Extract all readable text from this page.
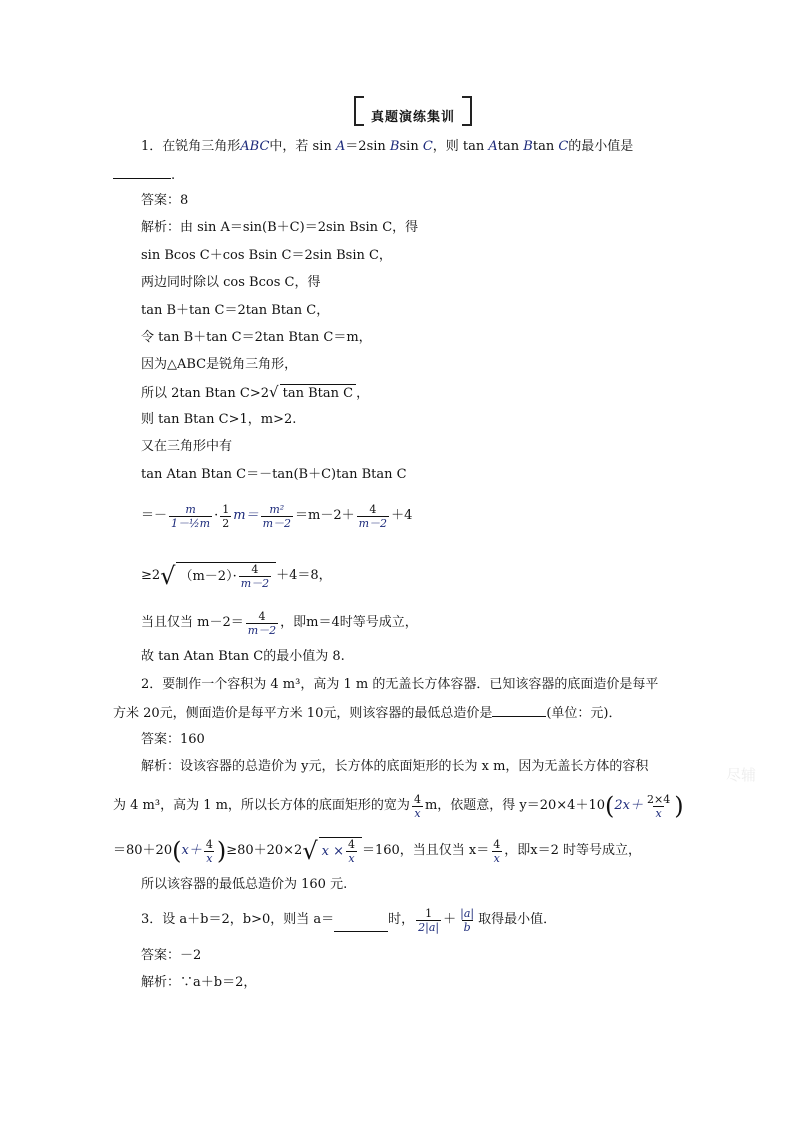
真题演练集训
1．在锐角三角形ABC中，若 sin A＝2sin Bsin C，则 tan Atan Btan C的最小值是
.
答案：8
解析：由 sin A＝sin(B＋C)＝2sin Bsin C，得
sin Bcos C＋cos Bsin C＝2sin Bsin C，
两边同时除以 cos Bcos C，得
tan B＋tan C＝2tan Btan C，
令 tan B＋tan C＝2tan Btan C＝m，
因为△ABC是锐角三角形，
所以 2tan Btan C>2√ tan Btan C ，
则 tan Btan C>1，m>2.
又在三角形中有
tan Atan Btan C＝－tan(B＋C)tan Btan C
＝－ $\frac{m}{\text{1－½m}} \cdot \frac{1}{2} m= \frac{\text{m²}}{m-2} =m-2+ \frac{4}{m-2} +4$
≥2 √ $(m-2)\cdot \frac{4}{m-2} +4=8$，
当且仅当 $m-2= \frac{4}{m-2}$ ，即m＝4时等号成立，
故 tan Atan Btan C的最小值为 8.
2．要制作一个容积为 4 m³，高为 1 m 的无盖长方体容器．已知该容器的底面造价是每平
方米 20元，侧面造价是每平方米 10元，则该容器的最低总造价是	(单位：元)．
答案：160
解析：设该容器的总造价为 y元，长方体的底面矩形的长为 x m，因为无盖长方体的容积
为 4 m³，高为 1 m，所以长方体的底面矩形的宽为 $\frac{4}{x}$ m，依题意，得 y＝20×4＋10 ( $2x+ \frac{2\times 4}{x}$ )
＝80＋20 ( $x+ \frac{4}{x}$ ) ≥80＋20×2 √ $x \times \frac{4}{x} =160$，当且仅当 $x= \frac{4}{x}$ ，即x＝2 时等号成立，
所以该容器的最低总造价为 160 元.
3．设 a＋b＝2，b>0，则当 a＝	时， $\frac{1}{2|a|} + \frac{|a|}{b}$ 取得最小值．
答案：－2
解析：∵a＋b＝2，
尽辅
